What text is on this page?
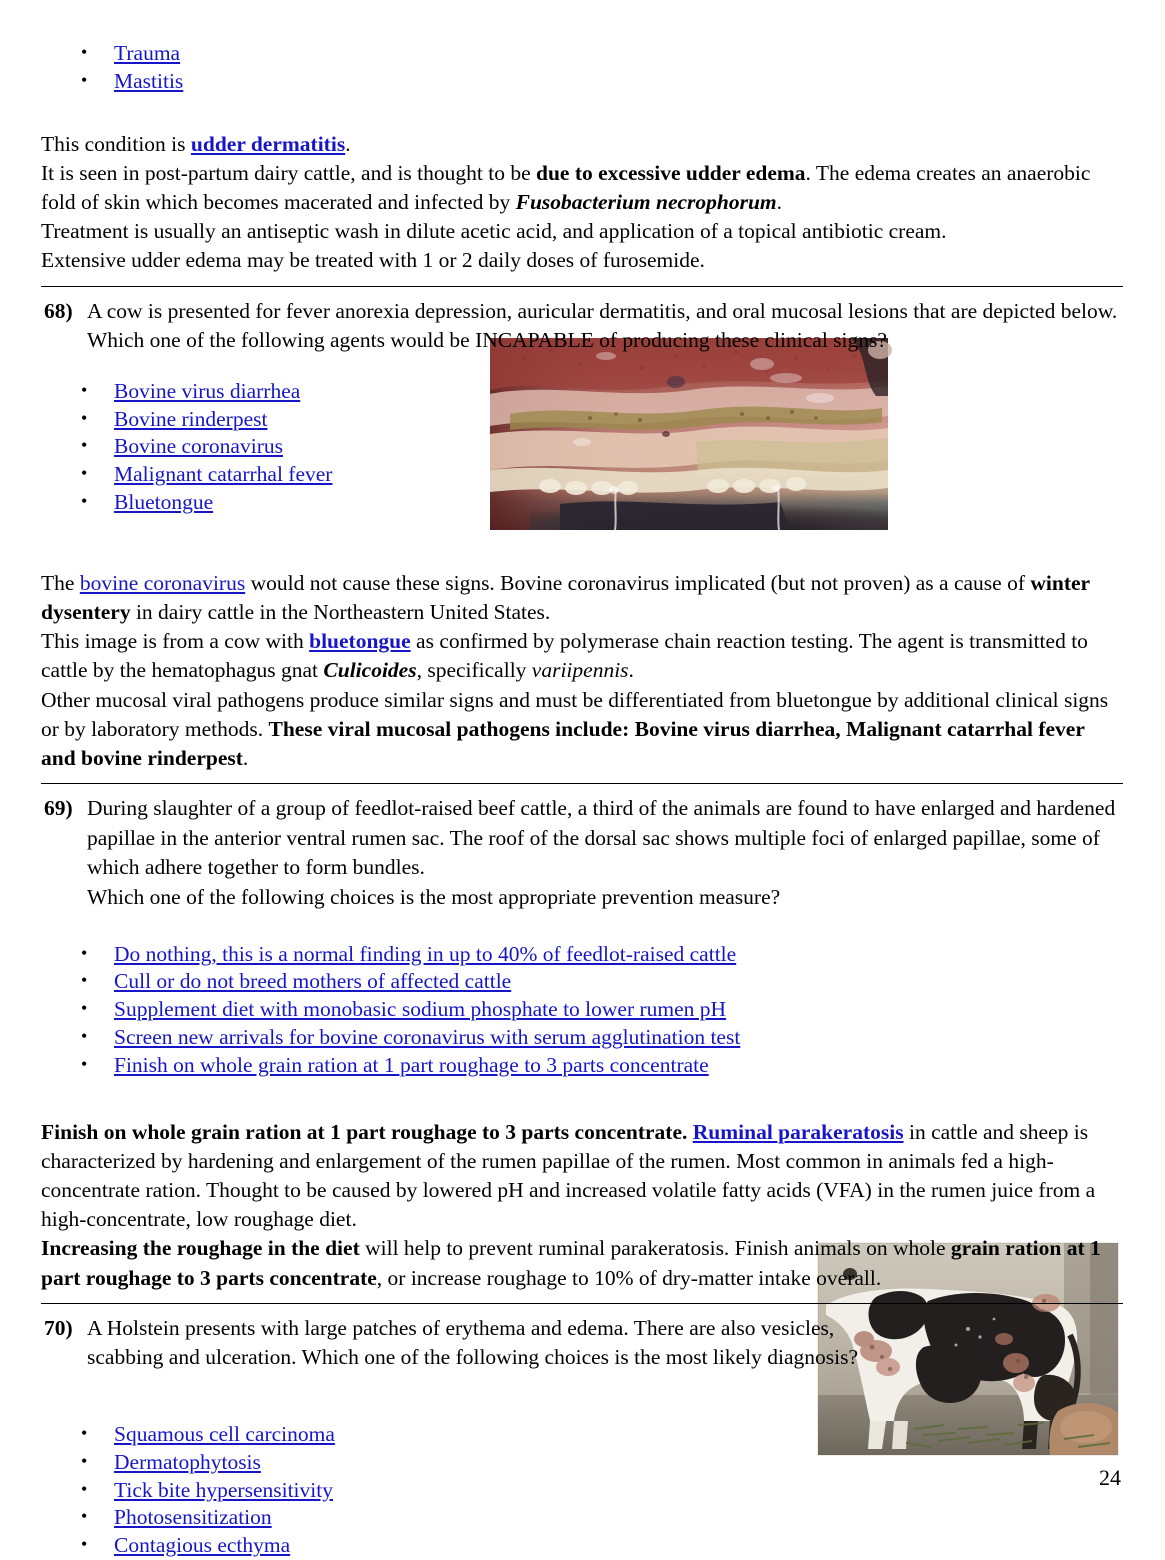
• Trauma
• Mastitis
This condition is udder dermatitis.
It is seen in post-partum dairy cattle, and is thought to be due to excessive udder edema. The edema creates an anaerobic fold of skin which becomes macerated and infected by Fusobacterium necrophorum.
Treatment is usually an antiseptic wash in dilute acetic acid, and application of a topical antibiotic cream.
Extensive udder edema may be treated with 1 or 2 daily doses of furosemide.
68) A cow is presented for fever anorexia depression, auricular dermatitis, and oral mucosal lesions that are depicted below. Which one of the following agents would be INCAPABLE of producing these clinical signs?
• Bovine virus diarrhea
• Bovine rinderpest
• Bovine coronavirus
• Malignant catarrhal fever
• Bluetongue
The bovine coronavirus would not cause these signs. Bovine coronavirus implicated (but not proven) as a cause of winter dysentery in dairy cattle in the Northeastern United States.
This image is from a cow with bluetongue as confirmed by polymerase chain reaction testing. The agent is transmitted to cattle by the hematophagus gnat Culicoides, specifically variipennis.
Other mucosal viral pathogens produce similar signs and must be differentiated from bluetongue by additional clinical signs or by laboratory methods. These viral mucosal pathogens include: Bovine virus diarrhea, Malignant catarrhal fever and bovine rinderpest.
69) During slaughter of a group of feedlot-raised beef cattle, a third of the animals are found to have enlarged and hardened papillae in the anterior ventral rumen sac. The roof of the dorsal sac shows multiple foci of enlarged papillae, some of which adhere together to form bundles.
Which one of the following choices is the most appropriate prevention measure?
• Do nothing, this is a normal finding in up to 40% of feedlot-raised cattle
• Cull or do not breed mothers of affected cattle
• Supplement diet with monobasic sodium phosphate to lower rumen pH
• Screen new arrivals for bovine coronavirus with serum agglutination test
• Finish on whole grain ration at 1 part roughage to 3 parts concentrate
Finish on whole grain ration at 1 part roughage to 3 parts concentrate. Ruminal parakeratosis in cattle and sheep is characterized by hardening and enlargement of the rumen papillae of the rumen. Most common in animals fed a high-concentrate ration. Thought to be caused by lowered pH and increased volatile fatty acids (VFA) in the rumen juice from a high-concentrate, low roughage diet.
Increasing the roughage in the diet will help to prevent ruminal parakeratosis. Finish animals on whole grain ration at 1 part roughage to 3 parts concentrate, or increase roughage to 10% of dry-matter intake overall.
70) A Holstein presents with large patches of erythema and edema. There are also vesicles, scabbing and ulceration. Which one of the following choices is the most likely diagnosis?
• Squamous cell carcinoma
• Dermatophytosis
• Tick bite hypersensitivity
• Photosensitization
• Contagious ecthyma
24
